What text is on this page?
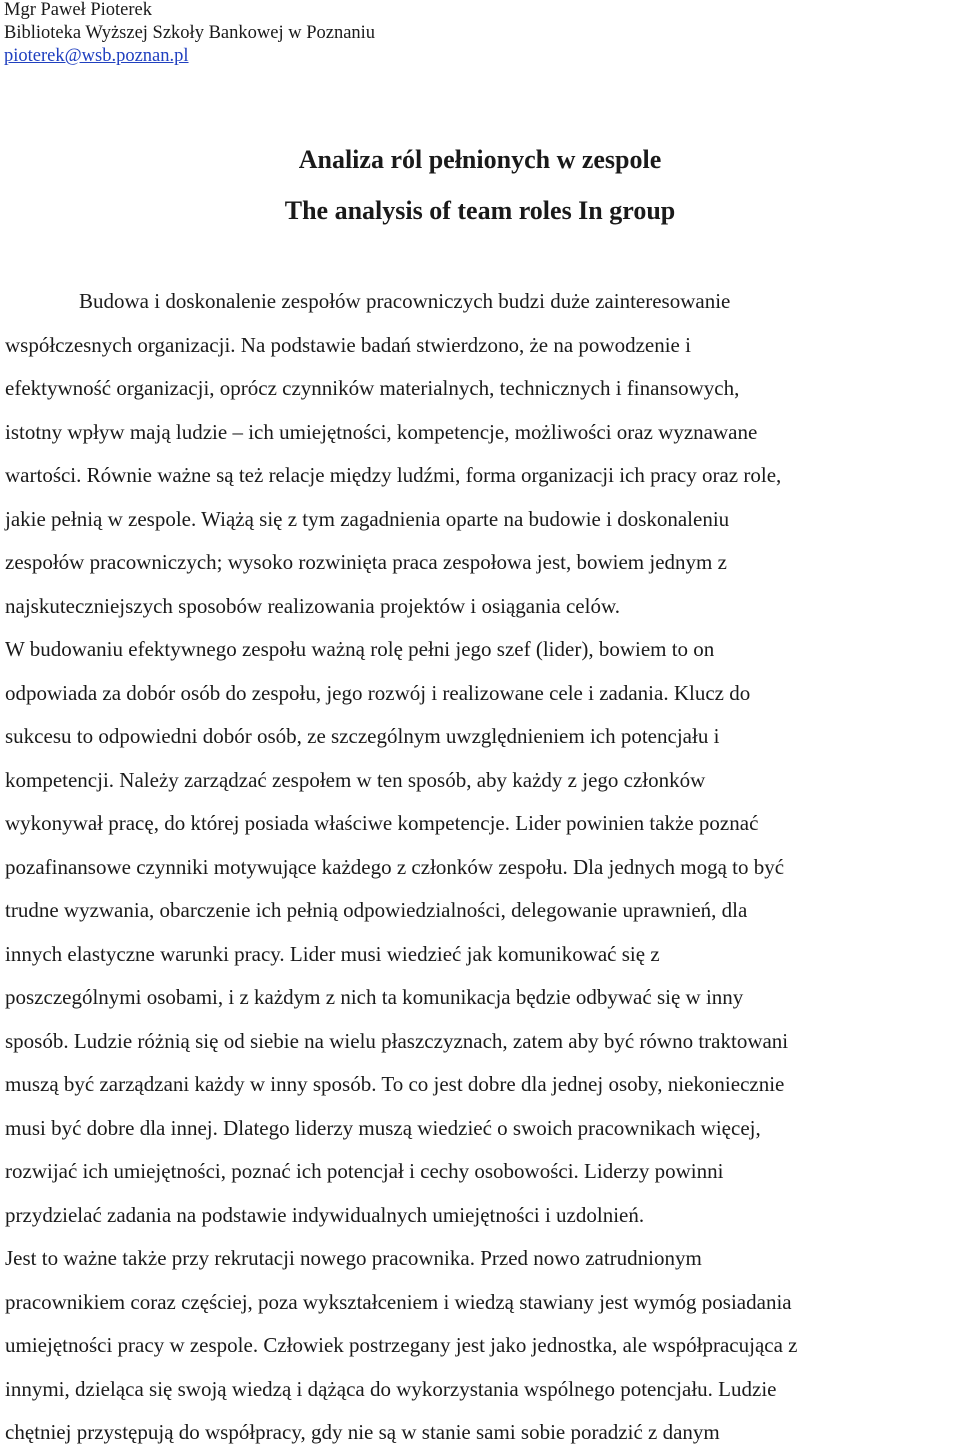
Mgr Paweł Pioterek
Biblioteka Wyższej Szkoły Bankowej w Poznaniu
pioterek@wsb.poznan.pl
Analiza ról pełnionych w zespole
The analysis of team roles In group
Budowa i doskonalenie zespołów pracowniczych budzi duże zainteresowanie
współczesnych organizacji. Na podstawie badań stwierdzono, że na powodzenie i
efektywność organizacji, oprócz czynników materialnych, technicznych i finansowych,
istotny wpływ mają ludzie – ich umiejętności, kompetencje, możliwości oraz wyznawane
wartości. Równie ważne są też relacje między ludźmi, forma organizacji ich pracy oraz role,
jakie pełnią w zespole. Wiążą się z tym zagadnienia oparte na budowie i doskonaleniu
zespołów pracowniczych; wysoko rozwinięta praca zespołowa jest, bowiem jednym z
najskuteczniejszych sposobów realizowania projektów i osiągania celów.
W budowaniu efektywnego zespołu ważną rolę pełni jego szef (lider), bowiem to on
odpowiada za dobór osób do zespołu, jego rozwój i realizowane cele i zadania. Klucz do
sukcesu to odpowiedni dobór osób, ze szczególnym uwzględnieniem ich potencjału i
kompetencji. Należy zarządzać zespołem w ten sposób, aby każdy z jego członków
wykonywał pracę, do której posiada właściwe kompetencje. Lider powinien także poznać
pozafinansowe czynniki motywujące każdego z członków zespołu. Dla jednych mogą to być
trudne wyzwania, obarczenie ich pełnią odpowiedzialności, delegowanie uprawnień, dla
innych elastyczne warunki pracy. Lider musi wiedzieć jak komunikować się z
poszczególnymi osobami, i z każdym z nich ta komunikacja będzie odbywać się w inny
sposób. Ludzie różnią się od siebie na wielu płaszczyznach, zatem aby być równo traktowani
muszą być zarządzani każdy w inny sposób. To co jest dobre dla jednej osoby, niekoniecznie
musi być dobre dla innej. Dlatego liderzy muszą wiedzieć o swoich pracownikach więcej,
rozwijać ich umiejętności, poznać ich potencjał i cechy osobowości. Liderzy powinni
przydzielać zadania na podstawie indywidualnych umiejętności i uzdolnień.
Jest to ważne także przy rekrutacji nowego pracownika. Przed nowo zatrudnionym
pracownikiem coraz częściej, poza wykształceniem i wiedzą stawiany jest wymóg posiadania
umiejętności pracy w zespole. Człowiek postrzegany jest jako jednostka, ale współpracująca z
innymi, dzieląca się swoją wiedzą i dążąca do wykorzystania wspólnego potencjału. Ludzie
chętniej przystępują do współpracy, gdy nie są w stanie sami sobie poradzić z danym
